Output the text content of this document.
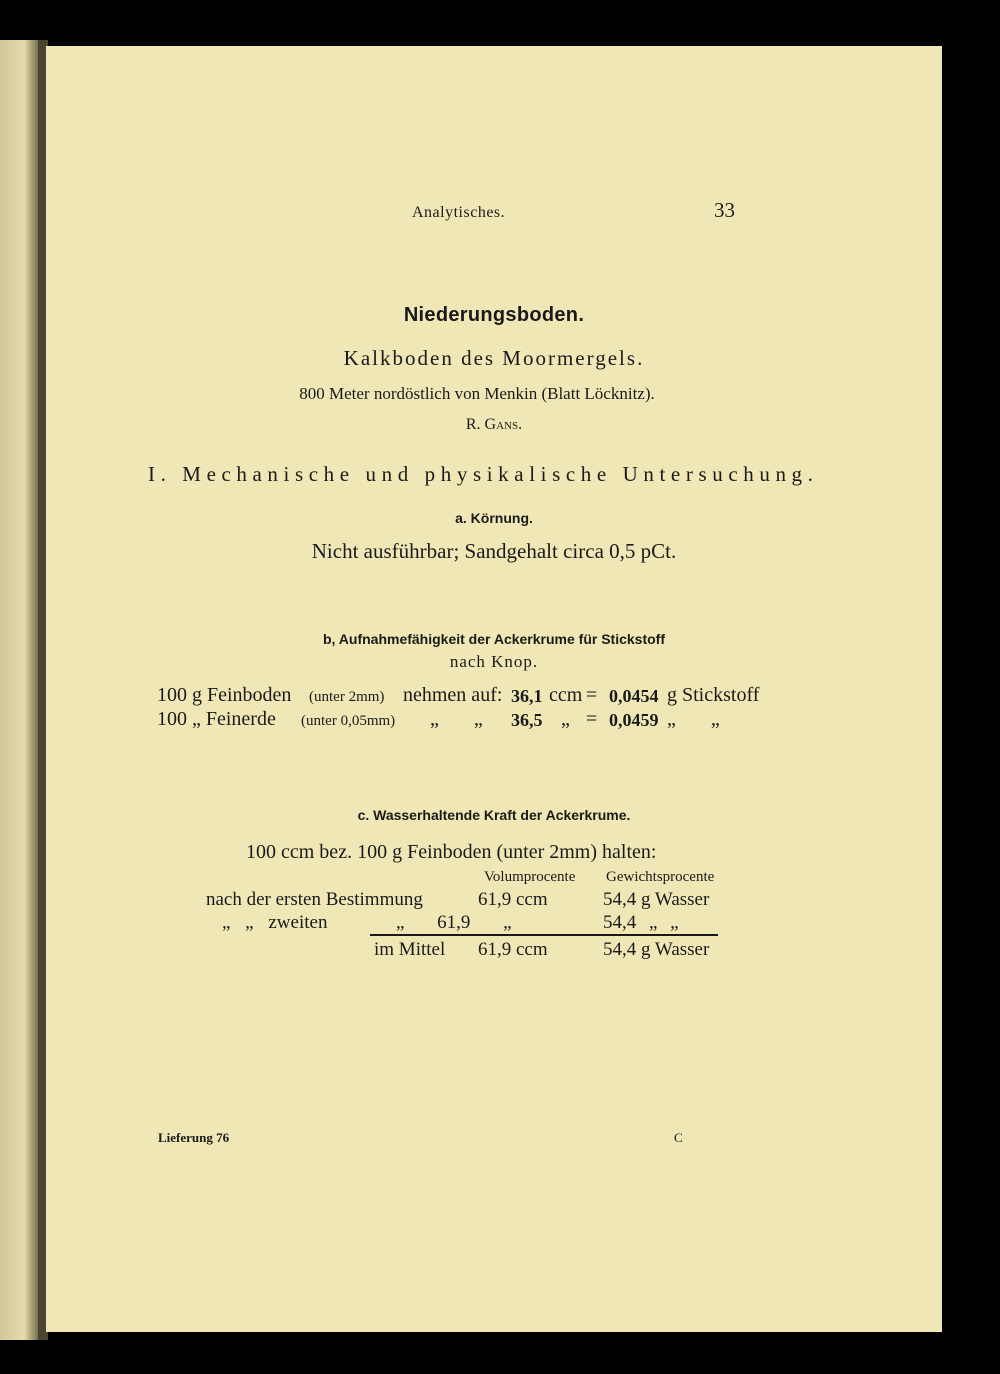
Analytisches.	33
Niederungsboden.
Kalkboden des Moormergels.
800 Meter nordöstlich von Menkin (Blatt Löcknitz).
R. Gans.
I. Mechanische und physikalische Untersuchung.
a. Körnung.
Nicht ausführbar; Sandgehalt circa 0,5 pCt.
b, Aufnahmefähigkeit der Ackerkrume für Stickstoff
nach Knop.
100 g Feinboden (unter 2mm) nehmen auf: 36,1 ccm = 0,0454 g Stickstoff
100 „ Feinerde (unter 0,05mm) „ „ 36,5 „ = 0,0459 „ „
c. Wasserhaltende Kraft der Ackerkrume.
100 ccm bez. 100 g Feinboden (unter 2mm) halten:
Volumprocente Gewichtsprocente
nach der ersten Bestimmung	61,9 ccm	54,4 g Wasser
„ „ zweiten	„ 61,9 „	54,4 „ „
im Mittel 61,9 ccm	54,4 g Wasser
Lieferung 76	C
